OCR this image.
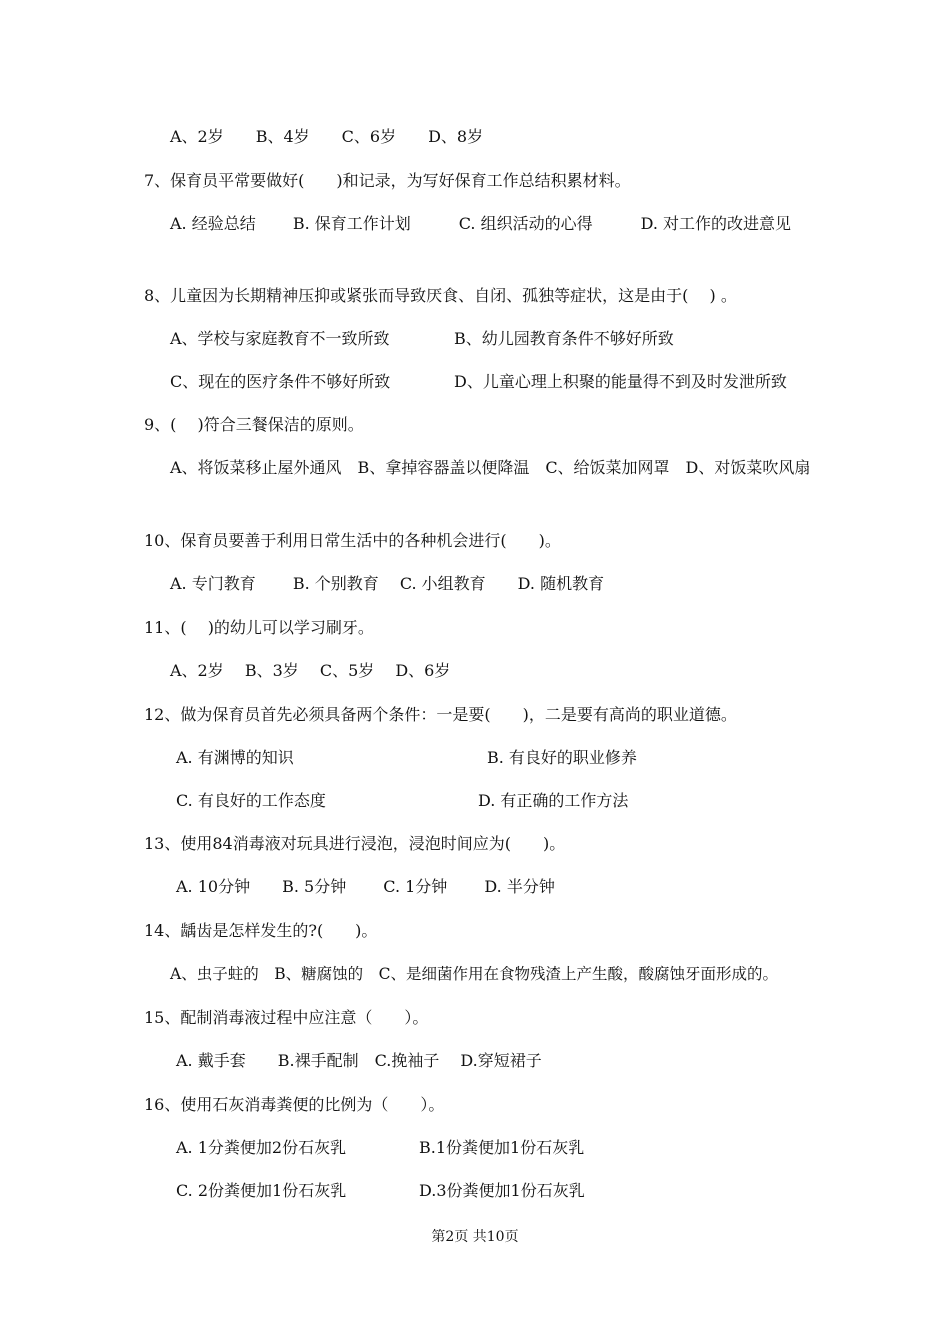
A、2岁　　B、4岁　　C、6岁　　D、8岁
7、保育员平常要做好(　　)和记录，为写好保育工作总结积累材料。
A. 经验总结　　 B. 保育工作计划　　　C. 组织活动的心得　　　D. 对工作的改进意见
8、儿童因为长期精神压抑或紧张而导致厌食、自闭、孤独等症状，这是由于(　 ) 。
A、学校与家庭教育不一致所致	B、幼儿园教育条件不够好所致
C、现在的医疗条件不够好所致	D、儿童心理上积聚的能量得不到及时发泄所致
9、(　 )符合三餐保洁的原则。
A、将饭菜移止屋外通风　B、拿掉容器盖以便降温　C、给饭菜加网罩　D、对饭菜吹风扇
10、保育员要善于利用日常生活中的各种机会进行(　　)。
A. 专门教育　　 B. 个别教育　 C. 小组教育　　D. 随机教育
11、(　 )的幼儿可以学习刷牙。
A、2岁　 B、3岁　 C、5岁　 D、6岁
12、做为保育员首先必须具备两个条件：一是要(　　)，二是要有高尚的职业道德。
A. 有渊博的知识	B. 有良好的职业修养
C. 有良好的工作态度	D. 有正确的工作方法
13、使用84消毒液对玩具进行浸泡，浸泡时间应为(　　)。
A. 10分钟　　B. 5分钟　　 C. 1分钟　　 D. 半分钟
14、龋齿是怎样发生的?(　　)。
A、虫子蛀的　B、糖腐蚀的　C、是细菌作用在食物残渣上产生酸，酸腐蚀牙面形成的。
15、配制消毒液过程中应注意（　　）。
A. 戴手套　　B.裸手配制　C.挽袖子　 D.穿短裙子
16、使用石灰消毒粪便的比例为（　　）。
A. 1分粪便加2份石灰乳	B.1份粪便加1份石灰乳
C. 2份粪便加1份石灰乳	D.3份粪便加1份石灰乳
第2页 共10页
